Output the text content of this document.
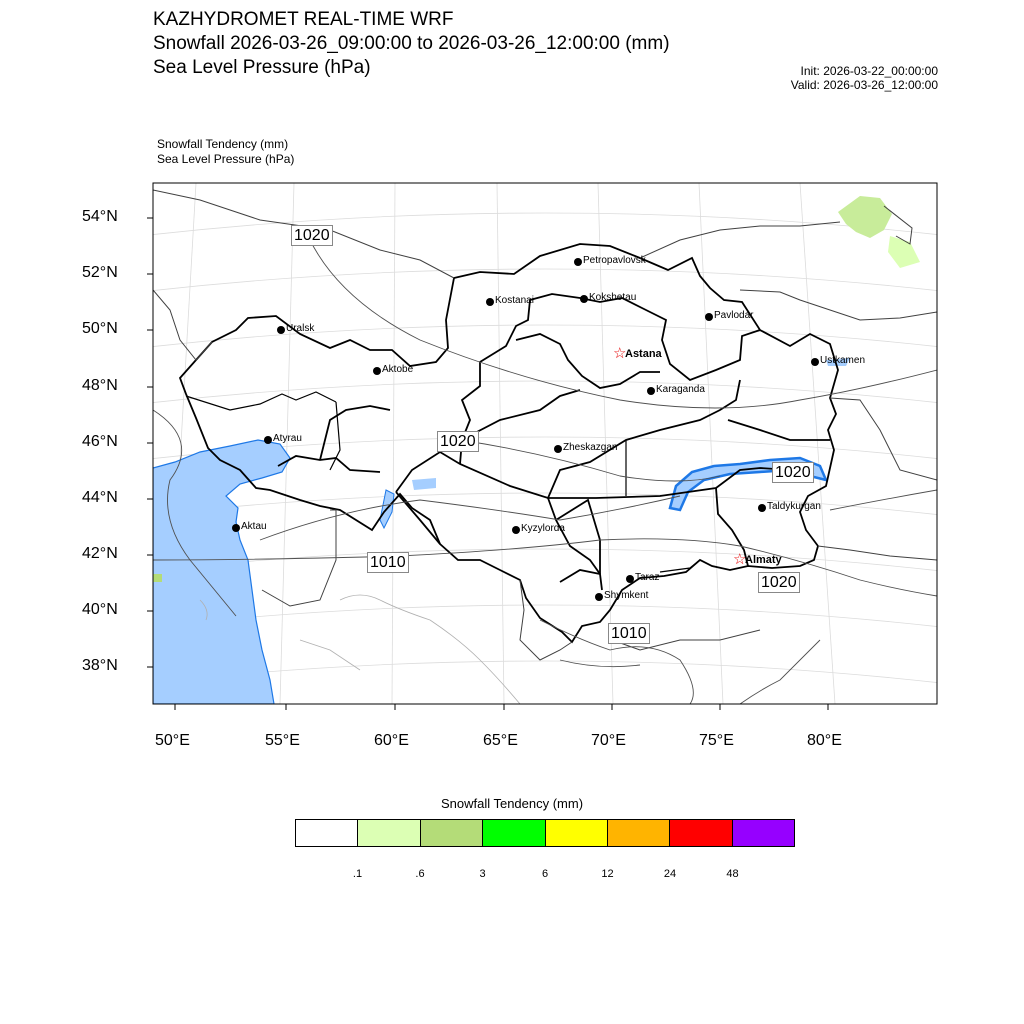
KAZHYDROMET REAL-TIME WRF
Snowfall 2026-03-26_09:00:00 to 2026-03-26_12:00:00 (mm)
Sea Level Pressure (hPa)	Init: 2026-03-22_00:00:00
Valid: 2026-03-26_12:00:00
Snowfall Tendency (mm)
Sea Level Pressure (hPa)
54°N
52°N
50°N
48°N
46°N
44°N
42°N
40°N
38°N
50°E	55°E	60°E	65°E	70°E	75°E	80°E
1020
1020
1020
1010
1020
1010
Petropavlovsk
Kostanai	Kokshetau
Pavlodar
Uralsk
☆
Astana
Ustkamen
Aktobe
Karaganda
Atyrau
Zheskazgan
Taldykurgan
Aktau	Kyzylorda
☆
Almaty
Taraz
Shymkent
Snowfall Tendency (mm)
.1	.6	3	6	12	24	48
